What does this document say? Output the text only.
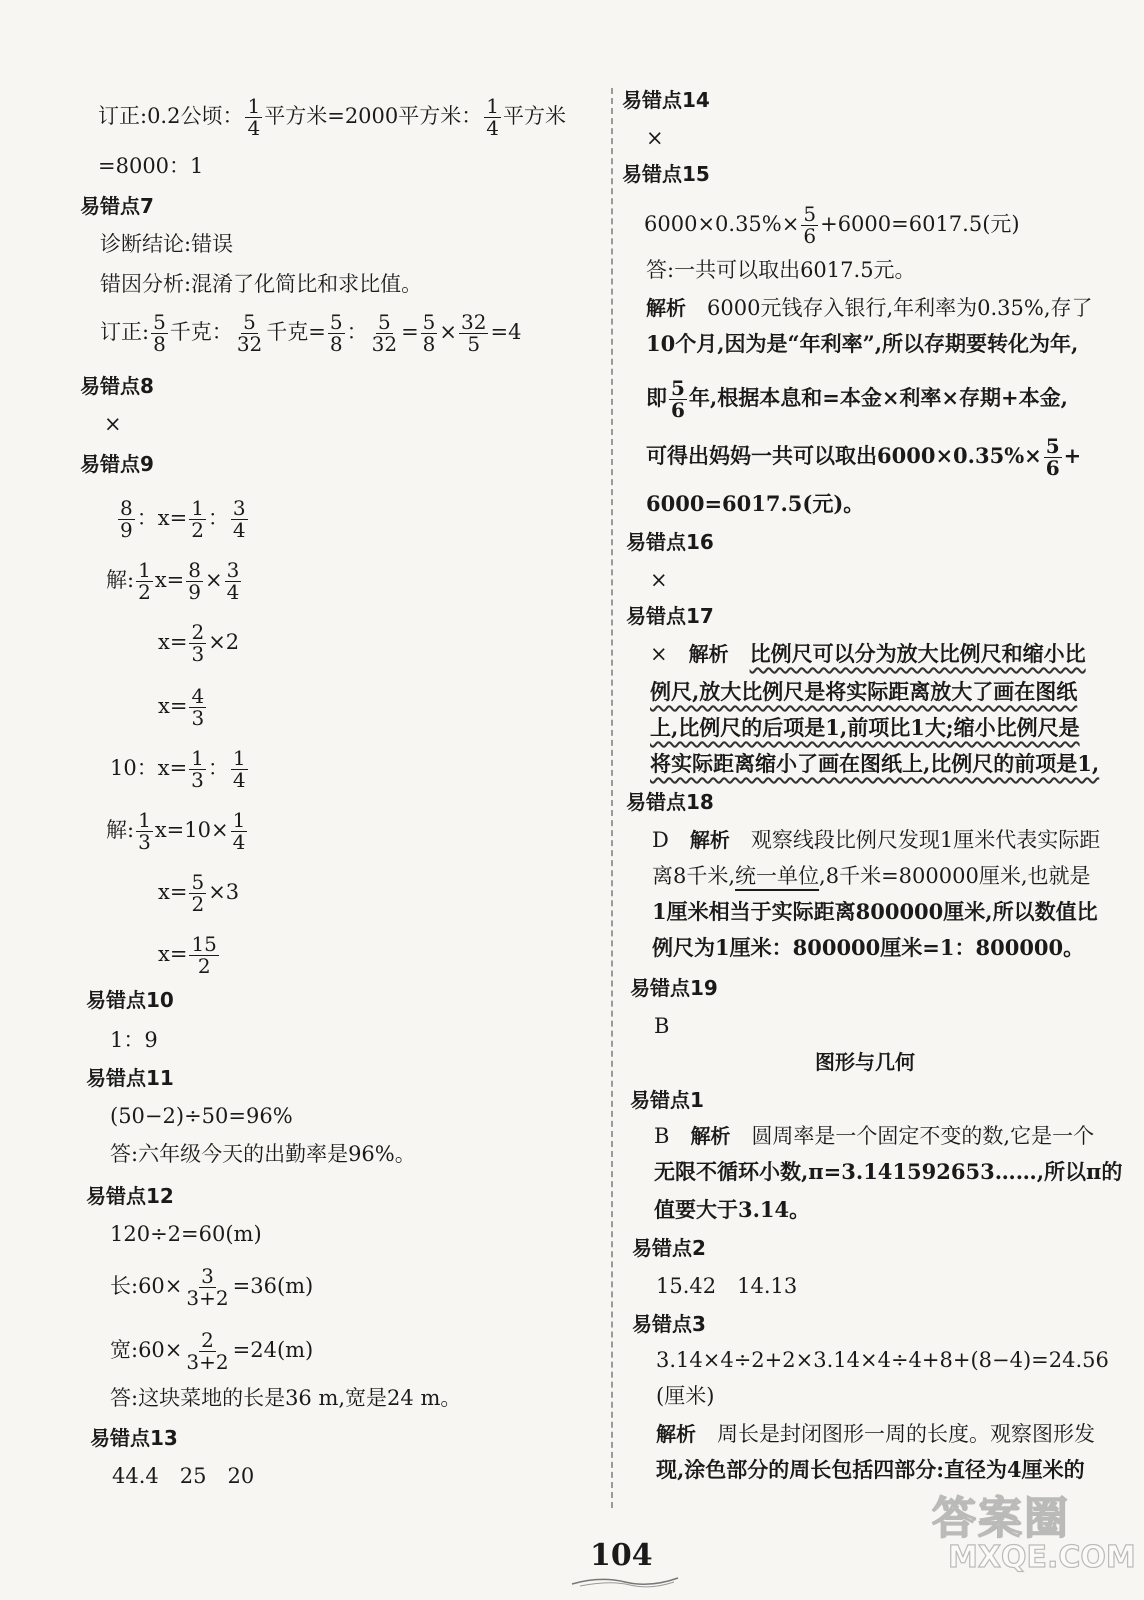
订正:0.2公顷： $\frac{1}{4}$ 平方米=2000平方米： $\frac{1}{4}$ 平方米
=8000：1
易错点7
诊断结论:错误
错因分析:混淆了化简比和求比值。
订正: $\frac{5}{8}$ 千克： $\frac{5}{32}$ 千克= $\frac{5}{8}$ ： $\frac{5}{32} = \frac{5}{8} \times \frac{32}{5} =4$
易错点8
×
易错点9
$\frac{8}{9}$ ：$x= \frac{1}{2}$ ： $\frac{3}{4}$
解: $\frac{1}{2} x= \frac{8}{9} \times \frac{3}{4}$
$x= \frac{2}{3} \times 2$
$x= \frac{4}{3}$
10：$x= \frac{1}{3}$ ： $\frac{1}{4}$
解: $\frac{1}{3} x=10\times \frac{1}{4}$
$x= \frac{5}{2} \times 3$
$x= \frac{15}{2}$
易错点10
1：9
易错点11
(50−2)÷50=96%
答:六年级今天的出勤率是96%。
易错点12
120÷2=60(m)
长:60× $\frac{3}{3+2} =36(m)$
宽:60× $\frac{2}{3+2} =24(m)$
答:这块菜地的长是36 m,宽是24 m。
易错点13
44.4　25　20
易错点14
×
易错点15
$6000\times 0.35\%\times \frac{5}{6} +6000=6017.5$(元)
答:一共可以取出6017.5元。
解析　 6000元钱存入银行,年利率为0.35%,存了
10个月,因为是“年利率”,所以存期要转化为年,
即 $\frac{5}{6}$ 年,根据本息和=本金×利率×存期+本金,
可得出妈妈一共可以取出$6000\times 0.35\%\times \frac{5}{6}$ +
6000=6017.5(元)。
易错点16
×
易错点17
×　 解析　 比例尺可以分为放大比例尺和缩小比
例尺,放大比例尺是将实际距离放大了画在图纸
上,比例尺的后项是1,前项比1大;缩小比例尺是
将实际距离缩小了画在图纸上,比例尺的前项是1,
易错点18
D　 解析　 观察线段比例尺发现1厘米代表实际距
离8千米,统一单位,8千米=800000厘米,也就是
1厘米相当于实际距离800000厘米,所以数值比
例尺为1厘米：800000厘米=1：800000。
易错点19
B
图形与几何
易错点1
B　 解析　 圆周率是一个固定不变的数,它是一个
无限不循环小数,π=3.141592653……,所以π的
值要大于3.14。
易错点2
15.42　14.13
易错点3
3.14×4÷2+2×3.14×4÷4+8+(8−4)=24.56
(厘米)
解析　 周长是封闭图形一周的长度。观察图形发
现,涂色部分的周长包括四部分:直径为4厘米的
104
答案圈
MXQE.COM
